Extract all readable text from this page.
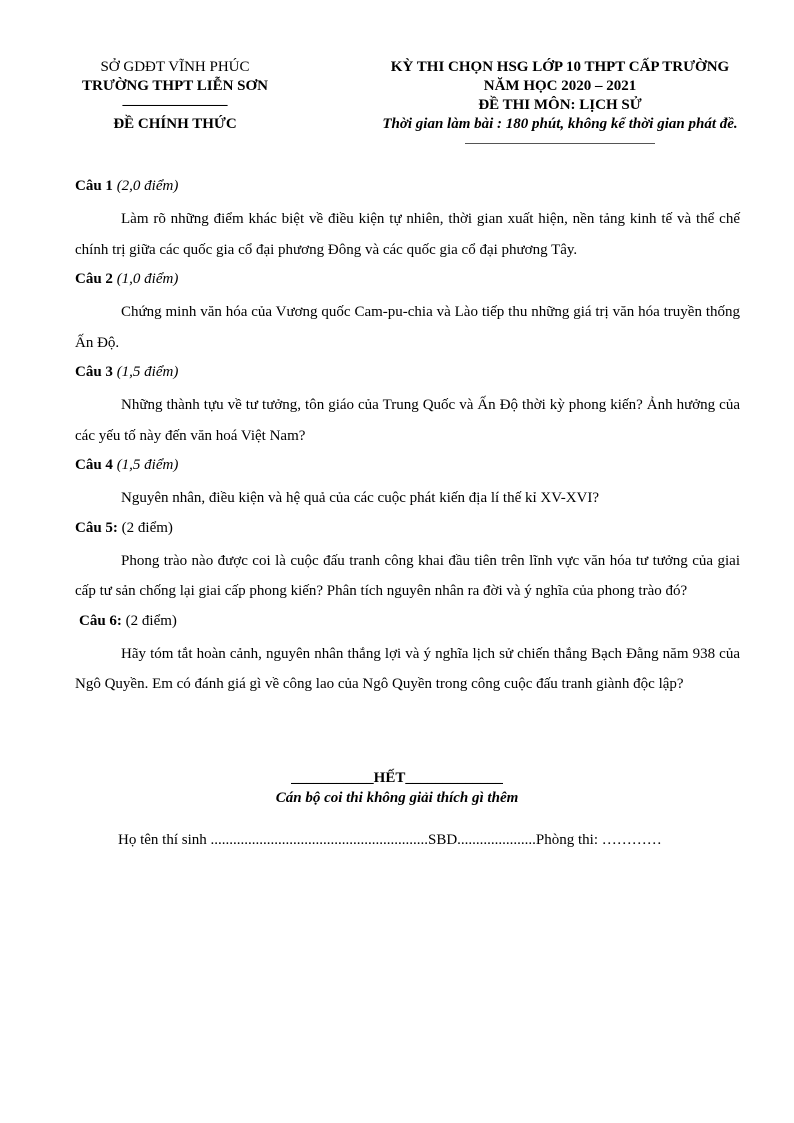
SỞ GDĐT VĨNH PHÚC
TRƯỜNG THPT LIỄN SƠN
———————
ĐỀ CHÍNH THỨC
KỲ THI CHỌN HSG LỚP 10 THPT CẤP TRƯỜNG
NĂM HỌC 2020 – 2021
ĐỀ THI MÔN: LỊCH SỬ
Thời gian làm bài : 180 phút, không kể thời gian phát đề.
Câu 1 (2,0 điểm)
Làm rõ những điểm khác biệt về điều kiện tự nhiên, thời gian xuất hiện, nền tảng kinh tế và thể chế chính trị giữa các quốc gia cổ đại phương Đông và các quốc gia cổ đại phương Tây.
Câu 2 (1,0 điểm)
Chứng minh văn hóa của Vương quốc Cam-pu-chia và Lào tiếp thu những giá trị văn hóa truyền thống Ấn Độ.
Câu 3 (1,5 điểm)
Những thành tựu về tư tưởng, tôn giáo của Trung Quốc và Ấn Độ thời kỳ phong kiến? Ảnh hưởng của các yếu tố này đến văn hoá Việt Nam?
Câu 4 (1,5 điểm)
Nguyên nhân, điều kiện và hệ quả của các cuộc phát kiến địa lí thế kỉ XV-XVI?
Câu 5: (2 điểm)
Phong trào nào được coi là cuộc đấu tranh công khai đầu tiên trên lĩnh vực văn hóa tư tưởng của giai cấp tư sản chống lại giai cấp phong kiến? Phân tích nguyên nhân ra đời và ý nghĩa của phong trào đó?
Câu 6: (2 điểm)
Hãy tóm tắt hoàn cảnh, nguyên nhân thắng lợi và ý nghĩa lịch sử chiến thắng Bạch Đằng năm 938 của Ngô Quyền. Em có đánh giá gì về công lao của Ngô Quyền trong công cuộc đấu tranh giành độc lập?
___________HẾT_____________
Cán bộ coi thi không giải thích gì thêm
Họ tên thí sinh ..........................................................SBD.....................Phòng thi: …………
